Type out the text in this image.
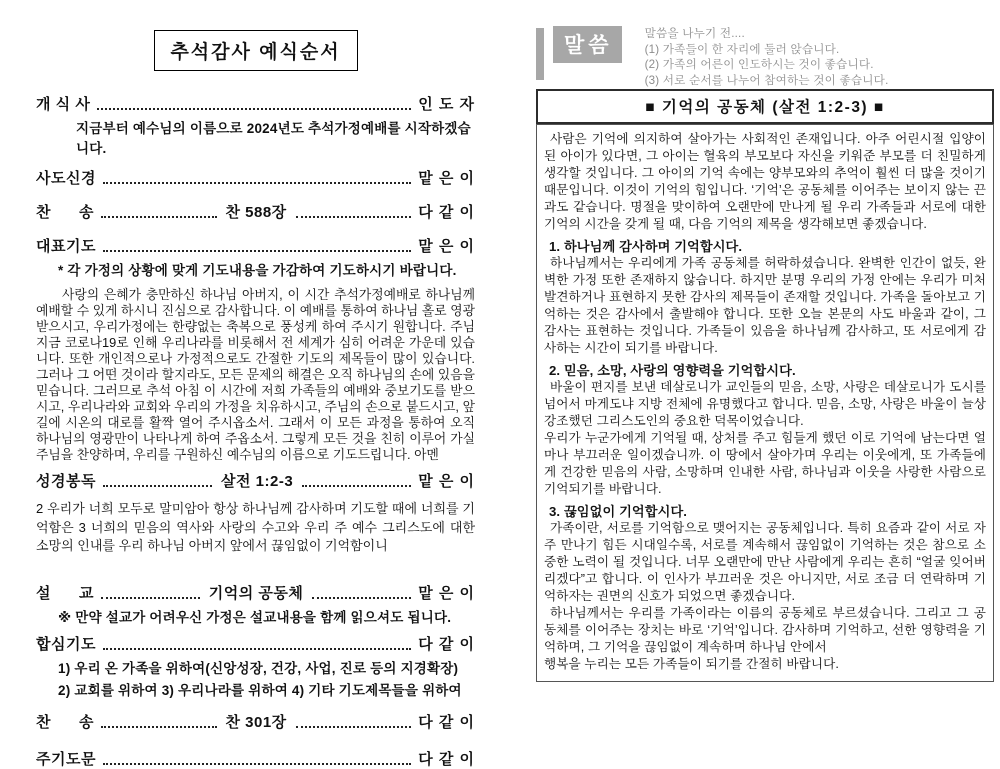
추석감사 예식순서
개 식 사	인 도 자
지금부터 예수님의 이름으로 2024년도 추석가정예배를 시작하겠습니다.
사도신경	맡 은 이
찬      송	찬 588장	다 같 이
대표기도	맡 은 이
* 각 가정의 상황에 맞게 기도내용을 가감하여 기도하시기 바랍니다.

사랑의 은혜가 충만하신 하나님 아버지, 이 시간 추석가정예배로 하나님께 예배할 수 있게 하시니 진심으로 감사합니다. 이 예배를 통하여 하나님 홀로 영광 받으시고, 우리가정에는 한량없는 축복으로 풍성케 하여 주시기 원합니다. 주님 지금 코로나19로 인해 우리나라를 비롯해서 전 세계가 심히 어려운 가운데 있습니다. 또한 개인적으로나 가정적으로도 간절한 기도의 제목들이 많이 있습니다. 그러나 그 어떤 것이라 할지라도, 모든 문제의 해결은 오직 하나님의 손에 있음을 믿습니다. 그러므로 추석 아침 이 시간에 저희 가족들의 예배와 중보기도를 받으시고, 우리나라와 교회와 우리의 가정을 치유하시고, 주님의 손으로 붙드시고, 앞길에 시온의 대로를 활짝 열어 주시옵소서. 그래서 이 모든 과정을 통하여 오직 하나님의 영광만이 나타나게 하여 주옵소서. 그렇게 모든 것을 친히 이루어 가실 주님을 찬양하며, 우리를 구원하신 예수님의 이름으로 기도드립니다. 아멘

성경봉독	살전 1:2-3	맡 은 이

2 우리가 너희 모두로 말미암아 항상 하나님께 감사하며 기도할 때에 너희를 기억함은 3 너희의 믿음의 역사와 사랑의 수고와 우리 주 예수 그리스도에 대한 소망의 인내를 우리 하나님 아버지 앞에서 끊임없이 기억함이니

설      교	기억의 공동체	맡 은 이
※ 만약 설교가 어려우신 가정은 설교내용을 함께 읽으셔도 됩니다.
합심기도	다 같 이
1) 우리 온 가족을 위하여(신앙성장, 건강, 사업, 진로 등의 지경확장)
2) 교회를 위하여 3) 우리나라를 위하여 4) 기타 기도제목들을 위하여
찬      송	찬 301장	다 같 이
주기도문	다 같 이
말씀
말씀을 나누기 전....
(1) 가족들이 한 자리에 둘러 앉습니다.
(2) 가족의 어른이 인도하시는 것이 좋습니다.
(3) 서로 순서를 나누어 참여하는 것이 좋습니다.
■ 기억의 공동체 (살전 1:2-3) ■

사람은 기억에 의지하여 살아가는 사회적인 존재입니다. 아주 어린시절 입양이 된 아이가 있다면, 그 아이는 혈육의 부모보다 자신을 키워준 부모를 더 친밀하게 생각할 것입니다. 그 아이의 기억 속에는 양부모와의 추억이 훨씬 더 많을 것이기 때문입니다. 이것이 기억의 힘입니다. ‘기억’은 공동체를 이어주는 보이지 않는 끈과도 같습니다. 명절을 맞이하여 오랜만에 만나게 될 우리 가족들과 서로에 대한 기억의 시간을 갖게 될 때, 다음 기억의 제목을 생각해보면 좋겠습니다.

1. 하나님께 감사하며 기억합시다.

하나님께서는 우리에게 가족 공동체를 허락하셨습니다. 완벽한 인간이 없듯, 완벽한 가정 또한 존재하지 않습니다. 하지만 분명 우리의 가정 안에는 우리가 미처 발견하거나 표현하지 못한 감사의 제목들이 존재할 것입니다. 가족을 돌아보고 기억하는 것은 감사에서 출발해야 합니다. 또한 오늘 본문의 사도 바울과 같이, 그 감사는 표현하는 것입니다. 가족들이 있음을 하나님께 감사하고, 또 서로에게 감사하는 시간이 되기를 바랍니다.

2. 믿음, 소망, 사랑의 영향력을 기억합시다.

바울이 편지를 보낸 데살로니가 교인들의 믿음, 소망, 사랑은 데살로니가 도시를 넘어서 마게도냐 지방 전체에 유명했다고 합니다. 믿음, 소망, 사랑은 바울이 늘상 강조했던 그리스도인의 중요한 덕목이었습니다.

우리가 누군가에게 기억될 때, 상처를 주고 힘들게 했던 이로 기억에 남는다면 얼마나 부끄러운 일이겠습니까. 이 땅에서 살아가며 우리는 이웃에게, 또 가족들에게 건강한 믿음의 사람, 소망하며 인내한 사람, 하나님과 이웃을 사랑한 사람으로 기억되기를 바랍니다.

3. 끊임없이 기억합시다.

가족이란, 서로를 기억함으로 맺어지는 공동체입니다. 특히 요즘과 같이 서로 자주 만나기 힘든 시대일수록, 서로를 계속해서 끊임없이 기억하는 것은 참으로 소중한 노력이 될 것입니다. 너무 오랜만에 만난 사람에게 우리는 흔히 “얼굴 잊어버리겠다”고 합니다. 이 인사가 부끄러운 것은 아니지만, 서로 조금 더 연락하며 기억하자는 권면의 신호가 되었으면 좋겠습니다.

하나님께서는 우리를 가족이라는 이름의 공동체로 부르셨습니다. 그리고 그 공동체를 이어주는 장치는 바로 ‘기억’입니다. 감사하며 기억하고, 선한 영향력을 기억하며, 그 기억을 끊임없이 계속하며 하나님 안에서

행복을 누리는 모든 가족들이 되기를 간절히 바랍니다.
